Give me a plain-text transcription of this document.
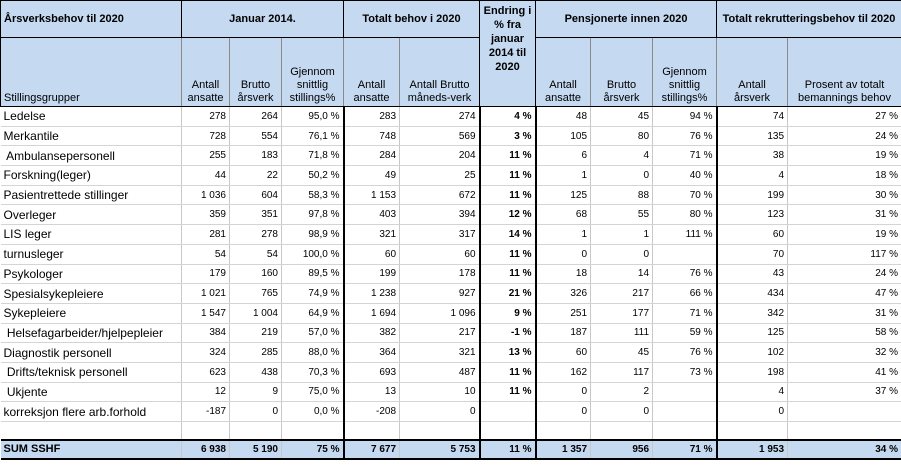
Årsverksbehov til 2020	Januar 2014.			Totalt behov i 2020		Endring i % fra januar 2014 til 2020	Pensjonerte innen 2020			Totalt rekrutteringsbehov til 2020	
Stillingsgrupper	Antall ansatte	Brutto årsverk	Gjennom snittlig stillings%	Antall ansatte	Antall Brutto måneds-verk		Antall ansatte	Brutto årsverk	Gjennom snittlig stillings%	Antall årsverk	Prosent av totalt bemannings behov
Ledelse	278	264	95,0 %	283	274	4 %	48	45	94 %	74	27 %
Merkantile	728	554	76,1 %	748	569	3 %	105	80	76 %	135	24 %
Ambulansepersonell	255	183	71,8 %	284	204	11 %	6	4	71 %	38	19 %
Forskning(leger)	44	22	50,2 %	49	25	11 %	1	0	40 %	4	18 %
Pasientrettede stillinger	1 036	604	58,3 %	1 153	672	11 %	125	88	70 %	199	30 %
Overleger	359	351	97,8 %	403	394	12 %	68	55	80 %	123	31 %
LIS leger	281	278	98,9 %	321	317	14 %	1	1	111 %	60	19 %
turnusleger	54	54	100,0 %	60	60	11 %	0	0		70	117 %
Psykologer	179	160	89,5 %	199	178	11 %	18	14	76 %	43	24 %
Spesialsykepleiere	1 021	765	74,9 %	1 238	927	21 %	326	217	66 %	434	47 %
Sykepleiere	1 547	1 004	64,9 %	1 694	1 096	9 %	251	177	71 %	342	31 %
Helsefagarbeider/hjelpepleier	384	219	57,0 %	382	217	-1 %	187	111	59 %	125	58 %
Diagnostik personell	324	285	88,0 %	364	321	13 %	60	45	76 %	102	32 %
Drifts/teknisk personell	623	438	70,3 %	693	487	11 %	162	117	73 %	198	41 %
Ukjente	12	9	75,0 %	13	10	11 %	0	2		4	37 %
korreksjon flere arb.forhold	-187	0	0,0 %	-208	0		0	0		0	

SUM SSHF	6 938	5 190	75 %	7 677	5 753	11 %	1 357	956	71 %	1 953	34 %
